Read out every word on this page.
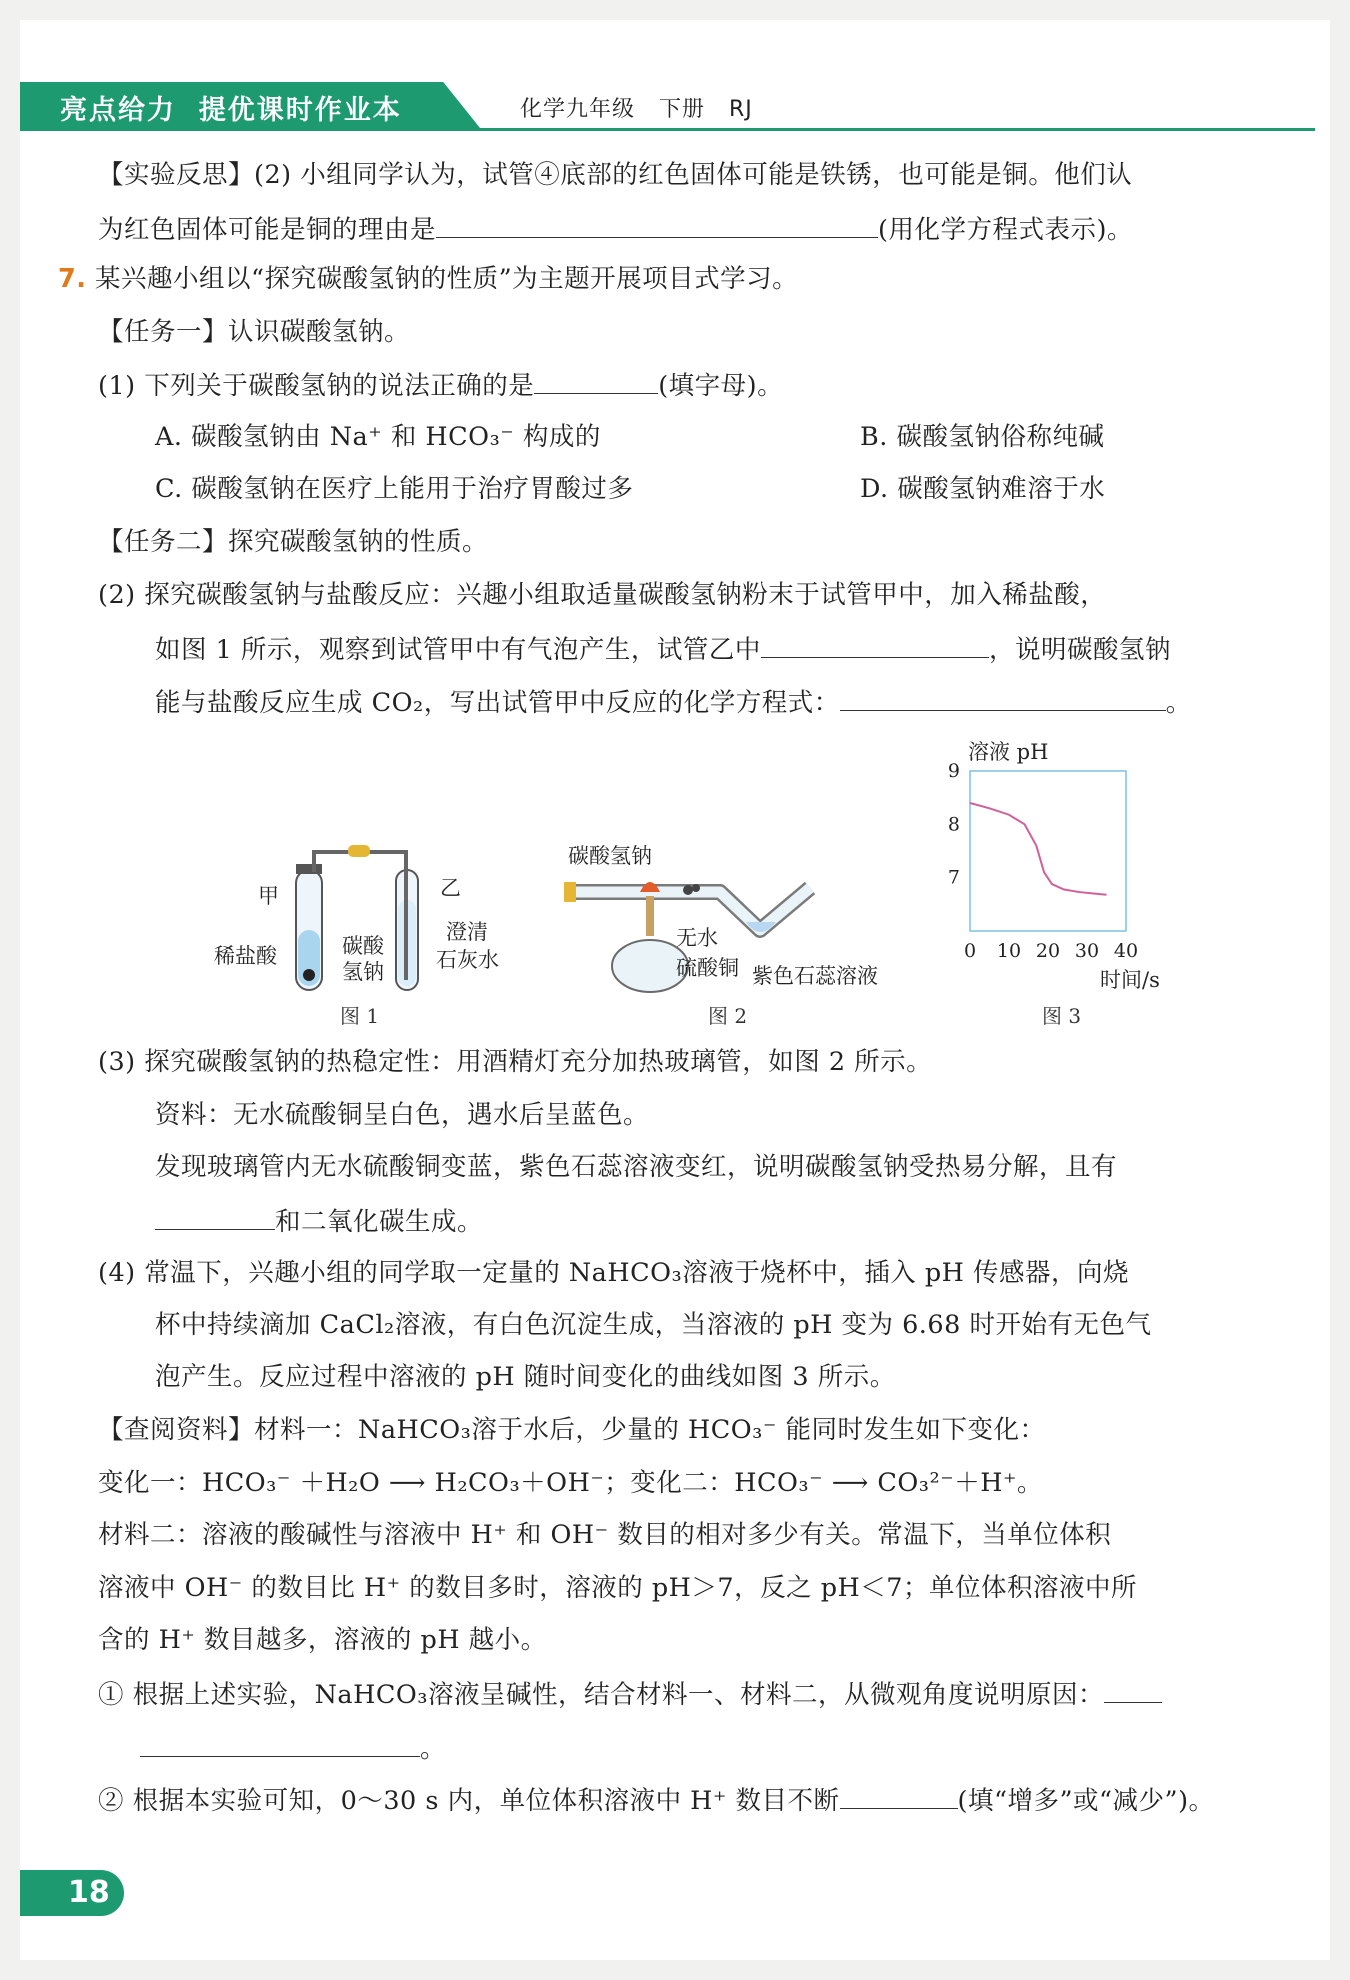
亮点给力  提优课时作业本	化学九年级   下册   RJ
【实验反思】(2) 小组同学认为，试管④底部的红色固体可能是铁锈，也可能是铜。他们认
为红色固体可能是铜的理由是	(用化学方程式表示)。
7. 某兴趣小组以“探究碳酸氢钠的性质”为主题开展项目式学习。
【任务一】认识碳酸氢钠。
(1) 下列关于碳酸氢钠的说法正确的是	(填字母)。
A. 碳酸氢钠由 Na⁺ 和 HCO₃⁻ 构成的	B. 碳酸氢钠俗称纯碱
C. 碳酸氢钠在医疗上能用于治疗胃酸过多	D. 碳酸氢钠难溶于水
【任务二】探究碳酸氢钠的性质。
(2) 探究碳酸氢钠与盐酸反应：兴趣小组取适量碳酸氢钠粉末于试管甲中，加入稀盐酸，
如图 1 所示，观察到试管甲中有气泡产生，试管乙中	，说明碳酸氢钠
能与盐酸反应生成 CO₂，写出试管甲中反应的化学方程式：	。
甲
稀盐酸	碳酸
氢钠
乙
澄清
石灰水
图 1
碳酸氢钠
无水
硫酸铜 紫色石蕊溶液
图 2
0 10 20 30 40
7
8
9
溶液 pH
时间/s
图 3
(3) 探究碳酸氢钠的热稳定性：用酒精灯充分加热玻璃管，如图 2 所示。
资料：无水硫酸铜呈白色，遇水后呈蓝色。
发现玻璃管内无水硫酸铜变蓝，紫色石蕊溶液变红，说明碳酸氢钠受热易分解，且有
和二氧化碳生成。
(4) 常温下，兴趣小组的同学取一定量的 NaHCO₃溶液于烧杯中，插入 pH 传感器，向烧
杯中持续滴加 CaCl₂溶液，有白色沉淀生成，当溶液的 pH 变为 6.68 时开始有无色气
泡产生。反应过程中溶液的 pH 随时间变化的曲线如图 3 所示。
【查阅资料】材料一：NaHCO₃溶于水后，少量的 HCO₃⁻ 能同时发生如下变化：
变化一：HCO₃⁻ ＋H₂O ⟶ H₂CO₃＋OH⁻；变化二：HCO₃⁻ ⟶ CO₃²⁻＋H⁺。
材料二：溶液的酸碱性与溶液中 H⁺ 和 OH⁻ 数目的相对多少有关。常温下，当单位体积
溶液中 OH⁻ 的数目比 H⁺ 的数目多时，溶液的 pH＞7，反之 pH＜7；单位体积溶液中所
含的 H⁺ 数目越多，溶液的 pH 越小。
① 根据上述实验，NaHCO₃溶液呈碱性，结合材料一、材料二，从微观角度说明原因：
。
② 根据本实验可知，0～30 s 内，单位体积溶液中 H⁺ 数目不断	(填“增多”或“减少”)。
18
